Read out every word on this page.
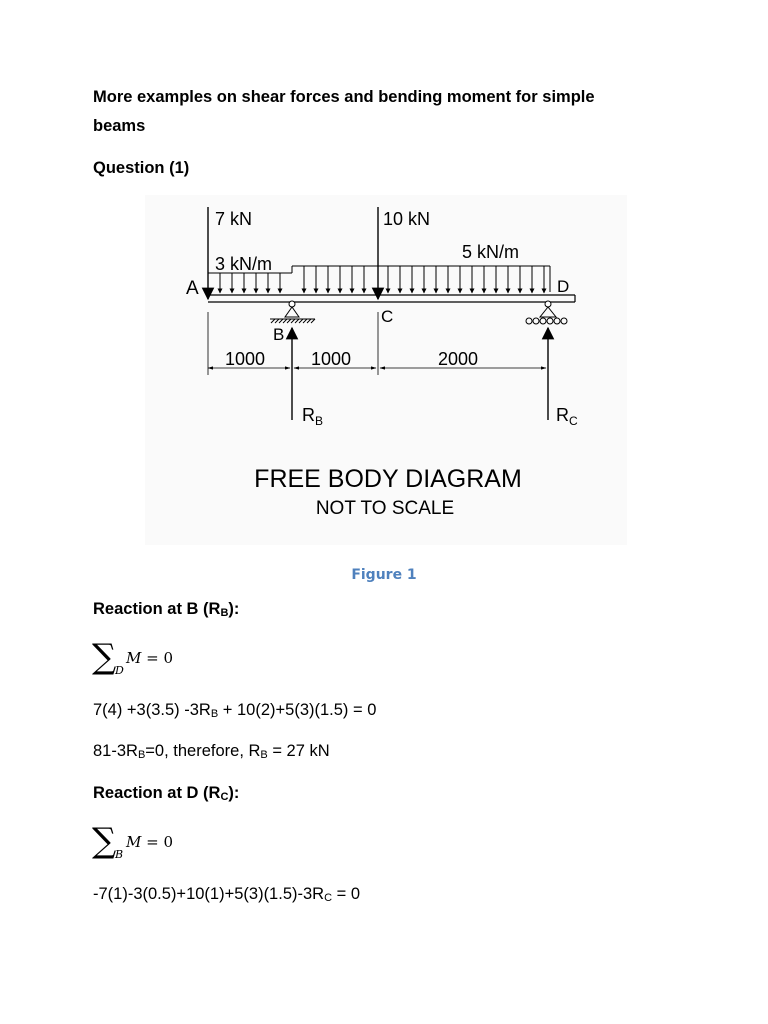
More examples on shear forces and bending moment for simple

beams

Question (1)

A
B
C
D
7 kN	10 kN
3 kN/m
5 kN/m
1000	1000	2000
$R_B$	$R_C$
FREE BODY DIAGRAM
NOT TO SCALE
Figure 1

Reaction at B $(R_B)$:

∑
D
M = 0

7(4) +3(3.5) $-3R_B + 10(2)+5(3)(1.5) = 0$

$81-3R_B=0$, therefore, $R_B = 27$ kN

Reaction at D $(R_C)$:

∑
B
M = 0

$-7(1)-3(0.5)+10(1)+5(3)(1.5)-3R_C = 0$
